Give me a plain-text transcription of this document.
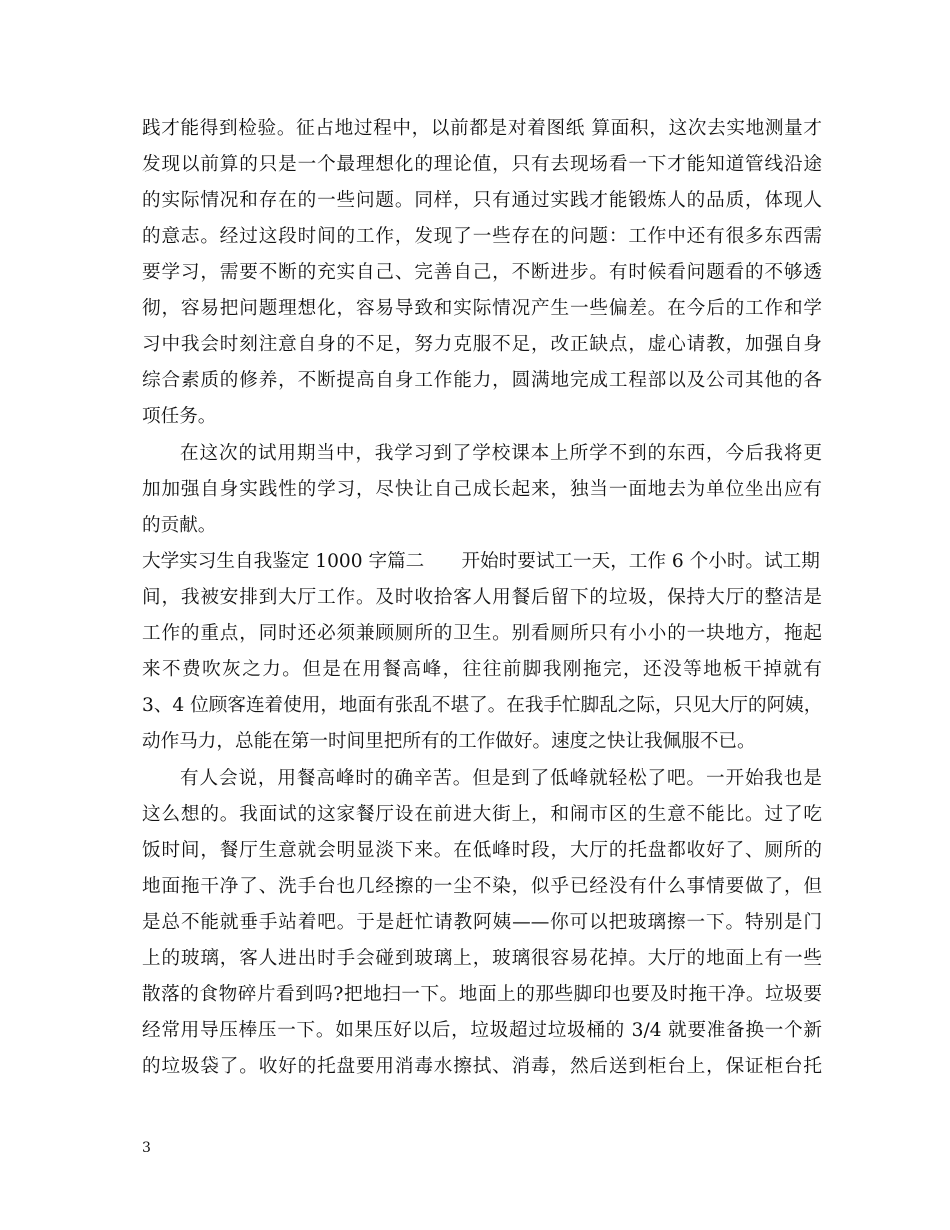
践才能得到检验。征占地过程中，以前都是对着图纸 算面积，这次去实地测量才
发现以前算的只是一个最理想化的理论值，只有去现场看一下才能知道管线沿途
的实际情况和存在的一些问题。同样，只有通过实践才能锻炼人的品质，体现人
的意志。经过这段时间的工作，发现了一些存在的问题：工作中还有很多东西需
要学习，需要不断的充实自己、完善自己，不断进步。有时候看问题看的不够透
彻，容易把问题理想化，容易导致和实际情况产生一些偏差。在今后的工作和学
习中我会时刻注意自身的不足，努力克服不足，改正缺点，虚心请教，加强自身
综合素质的修养，不断提高自身工作能力，圆满地完成工程部以及公司其他的各
项任务。
在这次的试用期当中，我学习到了学校课本上所学不到的东西，今后我将更
加加强自身实践性的学习，尽快让自己成长起来，独当一面地去为单位坐出应有
的贡献。
大学实习生自我鉴定 1000 字篇二　　开始时要试工一天，工作 6 个小时。试工期
间，我被安排到大厅工作。及时收拾客人用餐后留下的垃圾，保持大厅的整洁是
工作的重点，同时还必须兼顾厕所的卫生。别看厕所只有小小的一块地方，拖起
来不费吹灰之力。但是在用餐高峰，往往前脚我刚拖完，还没等地板干掉就有
3、4 位顾客连着使用，地面有张乱不堪了。在我手忙脚乱之际，只见大厅的阿姨，
动作马力，总能在第一时间里把所有的工作做好。速度之快让我佩服不已。
有人会说，用餐高峰时的确辛苦。但是到了低峰就轻松了吧。一开始我也是
这么想的。我面试的这家餐厅设在前进大街上，和闹市区的生意不能比。过了吃
饭时间，餐厅生意就会明显淡下来。在低峰时段，大厅的托盘都收好了、厕所的
地面拖干净了、洗手台也几经擦的一尘不染，似乎已经没有什么事情要做了，但
是总不能就垂手站着吧。于是赶忙请教阿姨——你可以把玻璃擦一下。特别是门
上的玻璃，客人进出时手会碰到玻璃上，玻璃很容易花掉。大厅的地面上有一些
散落的食物碎片看到吗?把地扫一下。地面上的那些脚印也要及时拖干净。垃圾要
经常用导压棒压一下。如果压好以后，垃圾超过垃圾桶的 3/4 就要准备换一个新
的垃圾袋了。收好的托盘要用消毒水擦拭、消毒，然后送到柜台上，保证柜台托
3
